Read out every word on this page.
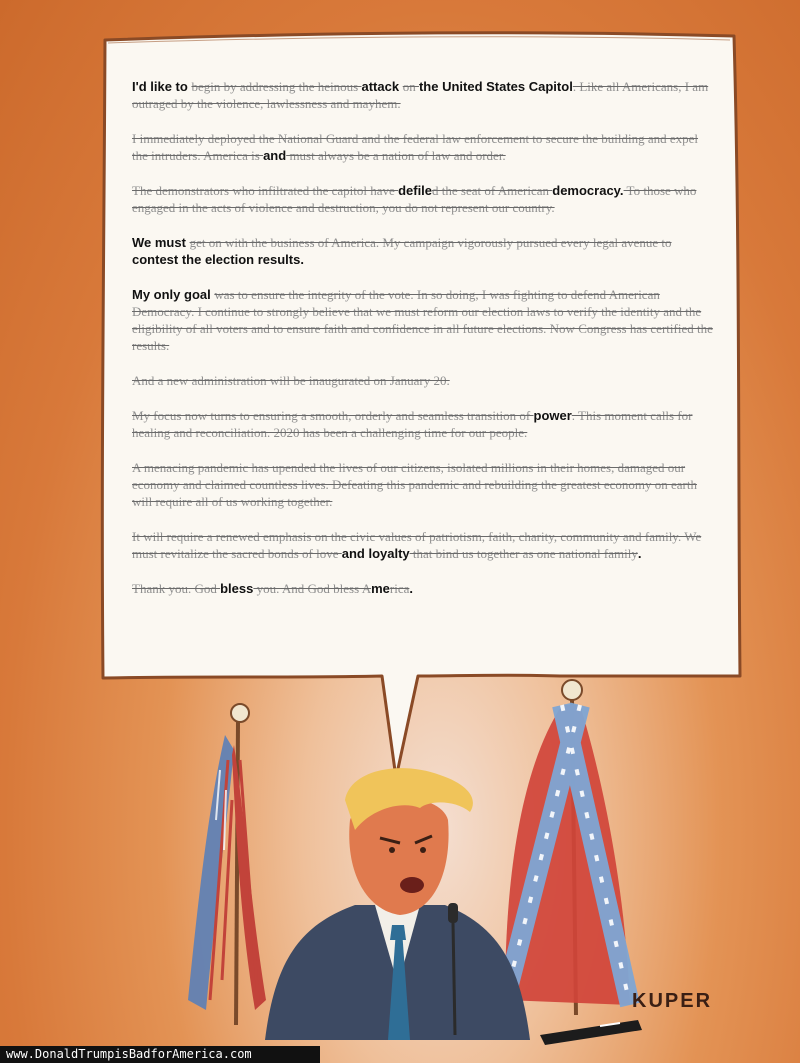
I'd like to begin by addressing the heinous attack on the United States Capitol. Like all Americans, I am outraged by the violence, lawlessness and mayhem.

I immediately deployed the National Guard and the federal law enforcement to secure the building and expel the intruders. America is and must always be a nation of law and order.

The demonstrators who infiltrated the capitol have defiled the seat of American democracy. To those who engaged in the acts of violence and destruction, you do not represent our country.

We must get on with the business of America. My campaign vigorously pursued every legal avenue to contest the election results.

My only goal was to ensure the integrity of the vote. In so doing, I was fighting to defend American Democracy. I continue to strongly believe that we must reform our election laws to verify the identity and the eligibility of all voters and to ensure faith and confidence in all future elections. Now Congress has certified the results.

And a new administration will be inaugurated on January 20.

My focus now turns to ensuring a smooth, orderly and seamless transition of power. This moment calls for healing and reconciliation. 2020 has been a challenging time for our people.

A menacing pandemic has upended the lives of our citizens, isolated millions in their homes, damaged our economy and claimed countless lives. Defeating this pandemic and rebuilding the greatest economy on earth will require all of us working together.

It will require a renewed emphasis on the civic values of patriotism, faith, charity, community and family. We must revitalize the sacred bonds of love and loyalty that bind us together as one national family.

Thank you. God bless you. And God bless America.

KUPER
www.DonaldTrumpisBadforAmerica.com
